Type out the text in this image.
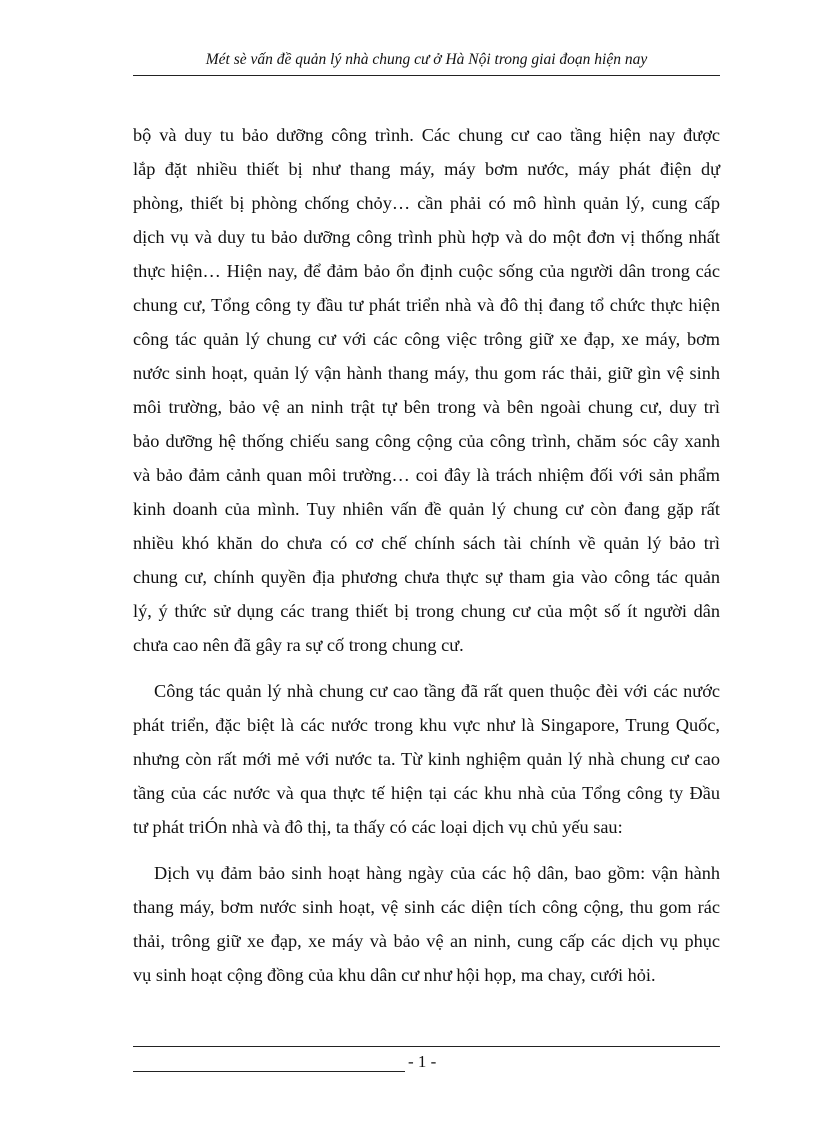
Mét sè vấn đề quản lý nhà chung cư ở Hà Nội trong giai đoạn hiện nay
bộ và duy tu bảo dưỡng công trình. Các chung cư cao tầng hiện nay được
lắp đặt nhiều thiết bị như thang máy, máy bơm nước, máy phát điện dự
phòng, thiết bị phòng chống chỏy… cần phải có mô hình quản lý, cung cấp
dịch vụ và duy tu bảo dưỡng công trình phù hợp và do một đơn vị thống nhất
thực hiện… Hiện nay, để đảm bảo ổn định cuộc sống của người dân trong các
chung cư, Tổng công ty đầu tư phát triển nhà và đô thị đang tổ chức thực hiện
công tác quản lý chung cư với các công việc trông giữ xe đạp, xe máy, bơm
nước sinh hoạt, quản lý vận hành thang máy, thu gom rác thải, giữ gìn vệ sinh
môi trường, bảo vệ an ninh trật tự bên trong và bên ngoài chung cư, duy trì
bảo dưỡng hệ thống chiếu sang công cộng của công trình, chăm sóc cây xanh
và bảo đảm cảnh quan môi trường… coi đây là trách nhiệm đối với sản phẩm
kinh doanh của mình. Tuy nhiên vấn đề quản lý chung cư còn đang gặp rất
nhiều khó khăn do chưa có cơ chế chính sách tài chính về quản lý bảo trì
chung cư, chính quyền địa phương chưa thực sự tham gia vào công tác quản
lý, ý thức sử dụng các trang thiết bị trong chung cư của một số ít người dân
chưa cao nên đã gây ra sự cố trong chung cư.
Công tác quản lý nhà chung cư cao tầng đã rất quen thuộc đèi với các nước
phát triển, đặc biệt là các nước trong khu vực như là Singapore, Trung Quốc,
nhưng còn rất mới mẻ với nước ta. Từ kinh nghiệm quản lý nhà chung cư cao
tầng của các nước và qua thực tế hiện tại các khu nhà của Tổng công ty Đầu
tư phát triÓn nhà và đô thị, ta thấy có các loại dịch vụ chủ yếu sau:
Dịch vụ đảm bảo sinh hoạt hàng ngày của các hộ dân, bao gồm: vận hành
thang máy, bơm nước sinh hoạt, vệ sinh các diện tích công cộng, thu gom rác
thải, trông giữ xe đạp, xe máy và bảo vệ an ninh, cung cấp các dịch vụ phục
vụ sinh hoạt cộng đồng của khu dân cư như hội họp, ma chay, cưới hỏi.
- 1 -
